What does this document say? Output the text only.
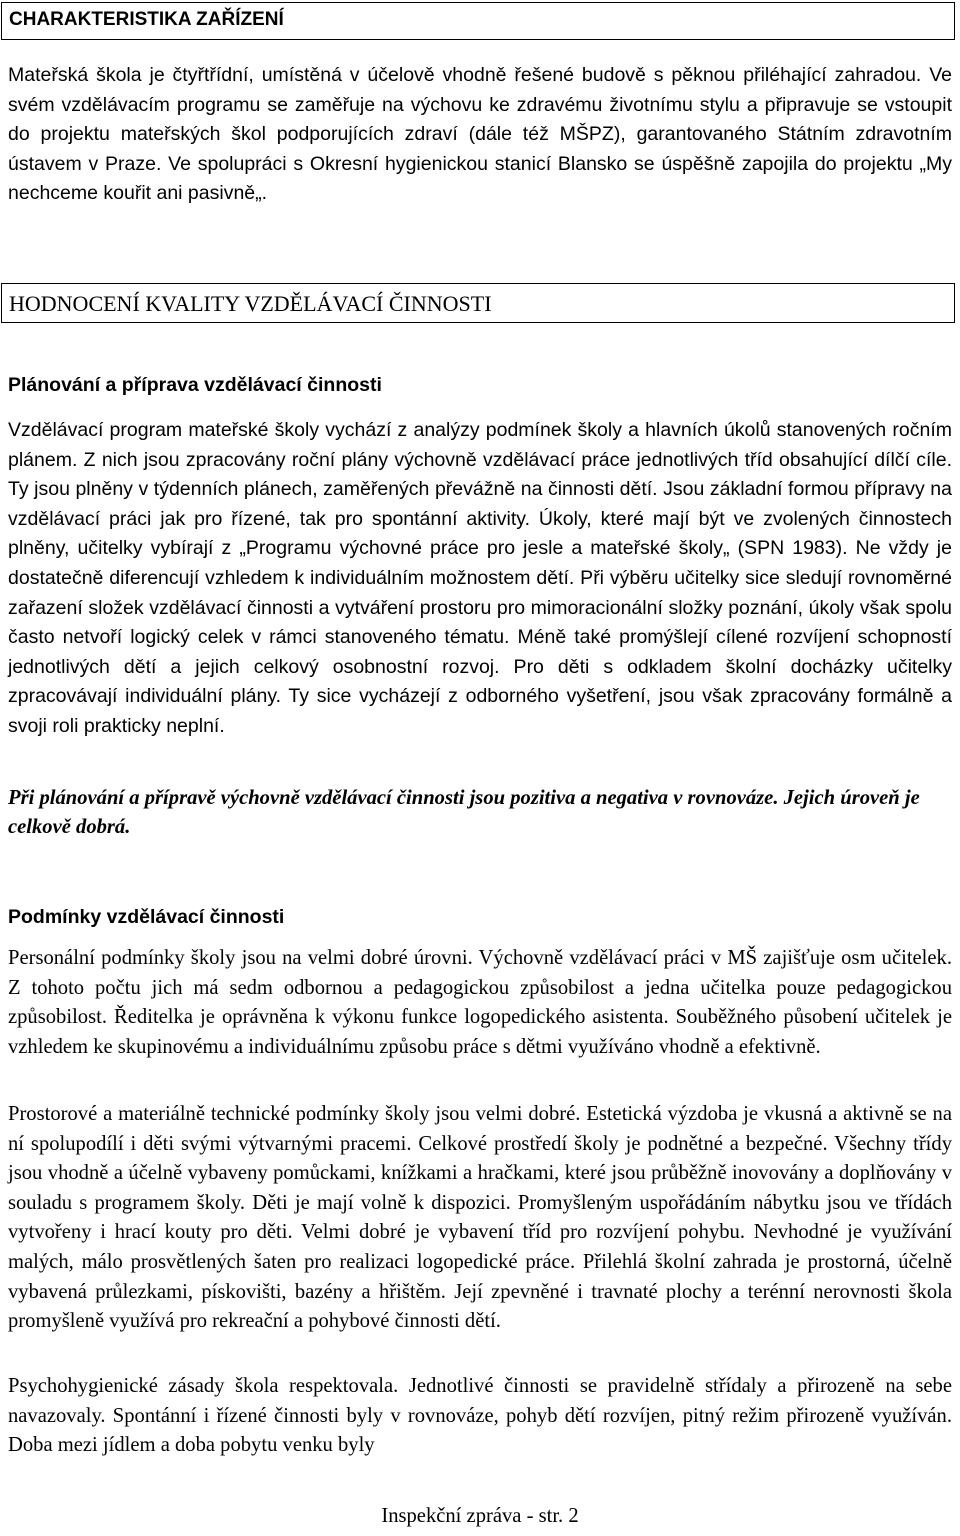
CHARAKTERISTIKA ZAŘÍZENÍ

Mateřská škola je čtyřtřídní, umístěná v účelově vhodně řešené budově s pěknou přiléhající zahradou. Ve svém vzdělávacím programu se zaměřuje na výchovu ke zdravému životnímu stylu a připravuje se vstoupit do projektu mateřských škol podporujících zdraví (dále též MŠPZ), garantovaného Státním zdravotním ústavem v Praze. Ve spolupráci s Okresní hygienickou stanicí Blansko se úspěšně zapojila do projektu „My nechceme kouřit ani pasivně„.

HODNOCENÍ KVALITY VZDĚLÁVACÍ ČINNOSTI

Plánování a příprava vzdělávací činnosti

Vzdělávací program mateřské školy vychází z analýzy podmínek školy a hlavních úkolů stanovených ročním plánem. Z nich jsou zpracovány roční plány výchovně vzdělávací práce jednotlivých tříd obsahující dílčí cíle. Ty jsou plněny v týdenních plánech, zaměřených převážně na činnosti dětí. Jsou základní formou přípravy na vzdělávací práci jak pro řízené, tak pro spontánní aktivity. Úkoly, které mají být ve zvolených činnostech plněny, učitelky vybírají z „Programu výchovné práce pro jesle a mateřské školy„ (SPN 1983). Ne vždy je dostatečně diferencují vzhledem k individuálním možnostem dětí. Při výběru učitelky sice sledují rovnoměrné zařazení složek vzdělávací činnosti a vytváření prostoru pro mimoracionální složky poznání, úkoly však spolu často netvoří logický celek v rámci stanoveného tématu. Méně také promýšlejí cílené rozvíjení schopností jednotlivých dětí a jejich celkový osobnostní rozvoj. Pro děti s odkladem školní docházky učitelky zpracovávají individuální plány. Ty sice vycházejí z odborného vyšetření, jsou však zpracovány formálně a svoji roli prakticky neplní.

Při plánování a přípravě výchovně vzdělávací činnosti jsou pozitiva a negativa v rovnováze. Jejich úroveň je celkově dobrá.

Podmínky vzdělávací činnosti

Personální podmínky školy jsou na velmi dobré úrovni. Výchovně vzdělávací práci v MŠ zajišťuje osm učitelek. Z tohoto počtu jich má sedm odbornou a pedagogickou způsobilost a jedna učitelka pouze pedagogickou způsobilost. Ředitelka je oprávněna k výkonu funkce logopedického asistenta. Souběžného působení učitelek je vzhledem ke skupinovému a individuálnímu způsobu práce s dětmi využíváno vhodně a efektivně.

Prostorové a materiálně technické podmínky školy jsou velmi dobré. Estetická výzdoba je vkusná a aktivně se na ní spolupodílí i děti svými výtvarnými pracemi. Celkové prostředí školy je podnětné a bezpečné. Všechny třídy jsou vhodně a účelně vybaveny pomůckami, knížkami a hračkami, které jsou průběžně inovovány a doplňovány v souladu s programem školy. Děti je mají volně k dispozici. Promyšleným uspořádáním nábytku jsou ve třídách vytvořeny i hrací kouty pro děti. Velmi dobré je vybavení tříd pro rozvíjení pohybu. Nevhodné je využívání malých, málo prosvětlených šaten pro realizaci logopedické práce. Přilehlá školní zahrada je prostorná, účelně vybavená průlezkami, pískovišti, bazény a hřištěm. Její zpevněné i travnaté plochy a terénní nerovnosti škola promyšleně využívá pro rekreační a pohybové činnosti dětí.

Psychohygienické zásady škola respektovala. Jednotlivé činnosti se pravidelně střídaly a přirozeně na sebe navazovaly. Spontánní i řízené činnosti byly v rovnováze, pohyb dětí rozvíjen, pitný režim přirozeně využíván. Doba mezi jídlem a doba pobytu venku byly

Inspekční zpráva - str. 2
